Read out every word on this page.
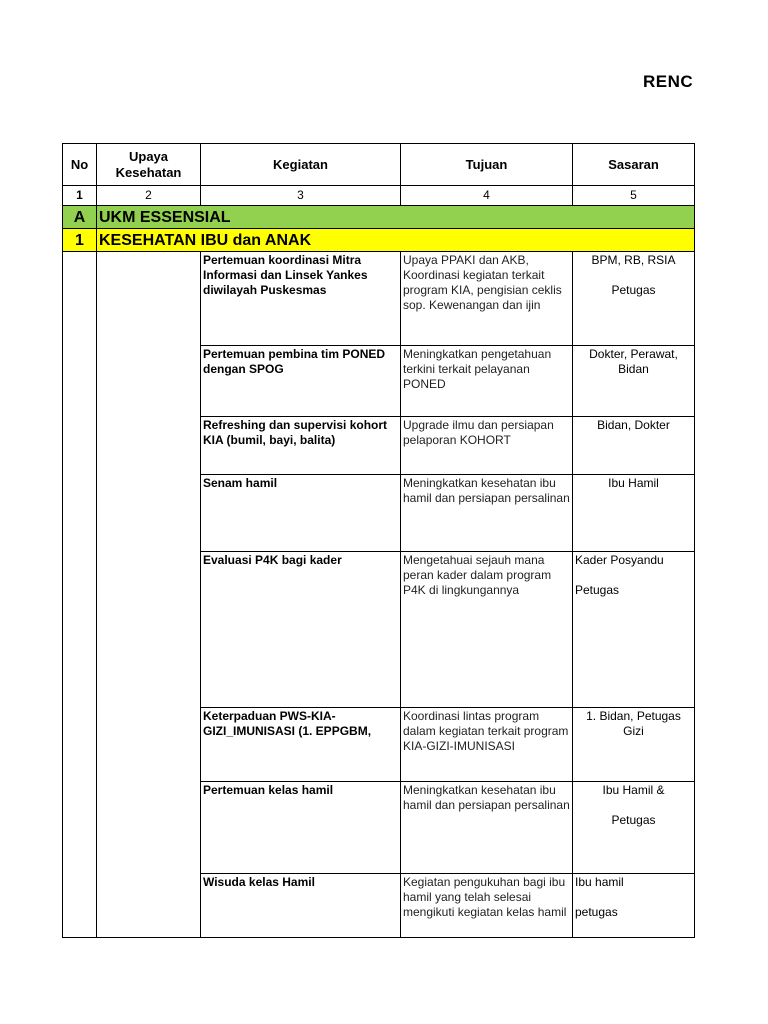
RENC
No	Upaya Kesehatan	Kegiatan	Tujuan	Sasaran
1	2	3	4	5
A	UKM ESSENSIAL			
1	KESEHATAN IBU dan ANAK			
		Pertemuan koordinasi Mitra Informasi dan Linsek Yankes diwilayah Puskesmas	Upaya PPAKI dan AKB, Koordinasi kegiatan terkait program KIA, pengisian ceklis sop. Kewenangan dan ijin	BPM, RB, RSIA
Petugas

		Pertemuan pembina tim PONED dengan SPOG	Meningkatkan pengetahuan terkini terkait pelayanan PONED	Dokter, Perawat, Bidan

		Refreshing dan supervisi kohort KIA (bumil, bayi, balita)	Upgrade ilmu dan persiapan pelaporan KOHORT	Bidan, Dokter

		Senam hamil	Meningkatkan kesehatan ibu hamil dan persiapan persalinan	Ibu Hamil

		Evaluasi P4K bagi kader	Mengetahuai sejauh mana peran kader dalam program P4K di lingkungannya	Kader Posyandu
Petugas

		Keterpaduan PWS-KIA-GIZI_IMUNISASI (1. EPPGBM,	Koordinasi lintas program dalam kegiatan terkait program KIA-GIZI-IMUNISASI	1. Bidan, Petugas Gizi

		Pertemuan kelas hamil	Meningkatkan kesehatan ibu hamil dan persiapan persalinan	Ibu Hamil &
Petugas

		Wisuda kelas Hamil	Kegiatan pengukuhan bagi ibu hamil yang telah selesai mengikuti kegiatan kelas hamil	Ibu hamil
petugas
